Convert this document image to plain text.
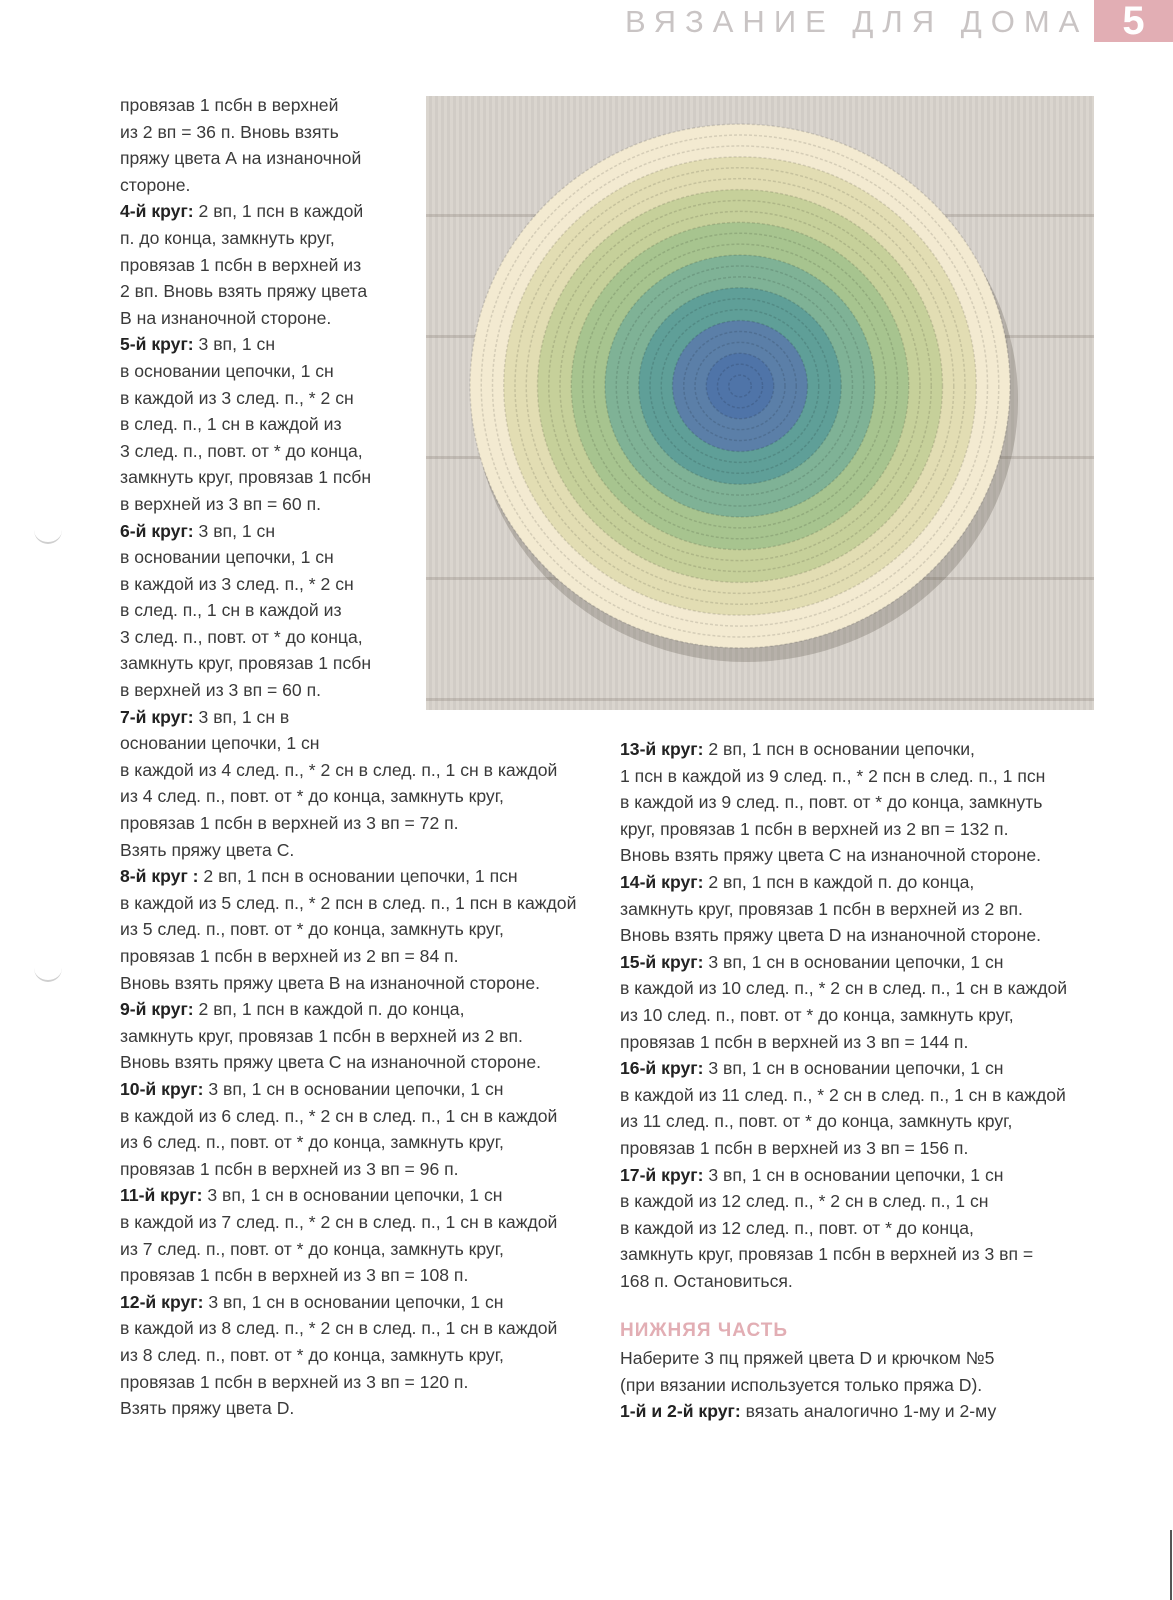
ВЯЗАНИЕ ДЛЯ ДОМА 5

провязав 1 псбн в верхней

из 2 вп = 36 п. Вновь взять

пряжу цвета А на изнаночной

стороне.

4-й круг: 2 вп, 1 псн в каждой

п. до конца, замкнуть круг,

провязав 1 псбн в верхней из

2 вп. Вновь взять пряжу цвета

В на изнаночной стороне.

5-й круг: 3 вп, 1 сн

в основании цепочки, 1 сн

в каждой из 3 след. п., * 2 сн

в след. п., 1 сн в каждой из

3 след. п., повт. от * до конца,

замкнуть круг, провязав 1 псбн

в верхней из 3 вп = 60 п.

6-й круг: 3 вп, 1 сн

в основании цепочки, 1 сн

в каждой из 3 след. п., * 2 сн

в след. п., 1 сн в каждой из

3 след. п., повт. от * до конца,

замкнуть круг, провязав 1 псбн

в верхней из 3 вп = 60 п.

7-й круг: 3 вп, 1 сн в

основании цепочки, 1 сн

в каждой из 4 след. п., * 2 сн в след. п., 1 сн в каждой

из 4 след. п., повт. от * до конца, замкнуть круг,

провязав 1 псбн в верхней из 3 вп = 72 п.

Взять пряжу цвета С.

8-й круг : 2 вп, 1 псн в основании цепочки, 1 псн

в каждой из 5 след. п., * 2 псн в след. п., 1 псн в каждой

из 5 след. п., повт. от * до конца, замкнуть круг,

провязав 1 псбн в верхней из 2 вп = 84 п.

Вновь взять пряжу цвета В на изнаночной стороне.

9-й круг: 2 вп, 1 псн в каждой п. до конца,

замкнуть круг, провязав 1 псбн в верхней из 2 вп.

Вновь взять пряжу цвета С на изнаночной стороне.

10-й круг: 3 вп, 1 сн в основании цепочки, 1 сн

в каждой из 6 след. п., * 2 сн в след. п., 1 сн в каждой

из 6 след. п., повт. от * до конца, замкнуть круг,

провязав 1 псбн в верхней из 3 вп = 96 п.

11-й круг: 3 вп, 1 сн в основании цепочки, 1 сн

в каждой из 7 след. п., * 2 сн в след. п., 1 сн в каждой

из 7 след. п., повт. от * до конца, замкнуть круг,

провязав 1 псбн в верхней из 3 вп = 108 п.

12-й круг: 3 вп, 1 сн в основании цепочки, 1 сн

в каждой из 8 след. п., * 2 сн в след. п., 1 сн в каждой

из 8 след. п., повт. от * до конца, замкнуть круг,

провязав 1 псбн в верхней из 3 вп = 120 п.

Взять пряжу цвета D.

13-й круг: 2 вп, 1 псн в основании цепочки,

1 псн в каждой из 9 след. п., * 2 псн в след. п., 1 псн

в каждой из 9 след. п., повт. от * до конца, замкнуть

круг, провязав 1 псбн в верхней из 2 вп = 132 п.

Вновь взять пряжу цвета С на изнаночной стороне.

14-й круг: 2 вп, 1 псн в каждой п. до конца,

замкнуть круг, провязав 1 псбн в верхней из 2 вп.

Вновь взять пряжу цвета D на изнаночной стороне.

15-й круг: 3 вп, 1 сн в основании цепочки, 1 сн

в каждой из 10 след. п., * 2 сн в след. п., 1 сн в каждой

из 10 след. п., повт. от * до конца, замкнуть круг,

провязав 1 псбн в верхней из 3 вп = 144 п.

16-й круг: 3 вп, 1 сн в основании цепочки, 1 сн

в каждой из 11 след. п., * 2 сн в след. п., 1 сн в каждой

из 11 след. п., повт. от * до конца, замкнуть круг,

провязав 1 псбн в верхней из 3 вп = 156 п.

17-й круг: 3 вп, 1 сн в основании цепочки, 1 сн

в каждой из 12 след. п., * 2 сн в след. п., 1 сн

в каждой из 12 след. п., повт. от * до конца,

замкнуть круг, провязав 1 псбн в верхней из 3 вп =

168 п. Остановиться.

НИЖНЯЯ ЧАСТЬ

Наберите 3 пц пряжей цвета D и крючком №5

(при вязании используется только пряжа D).

1-й и 2-й круг: вязать аналогично 1-му и 2-му
